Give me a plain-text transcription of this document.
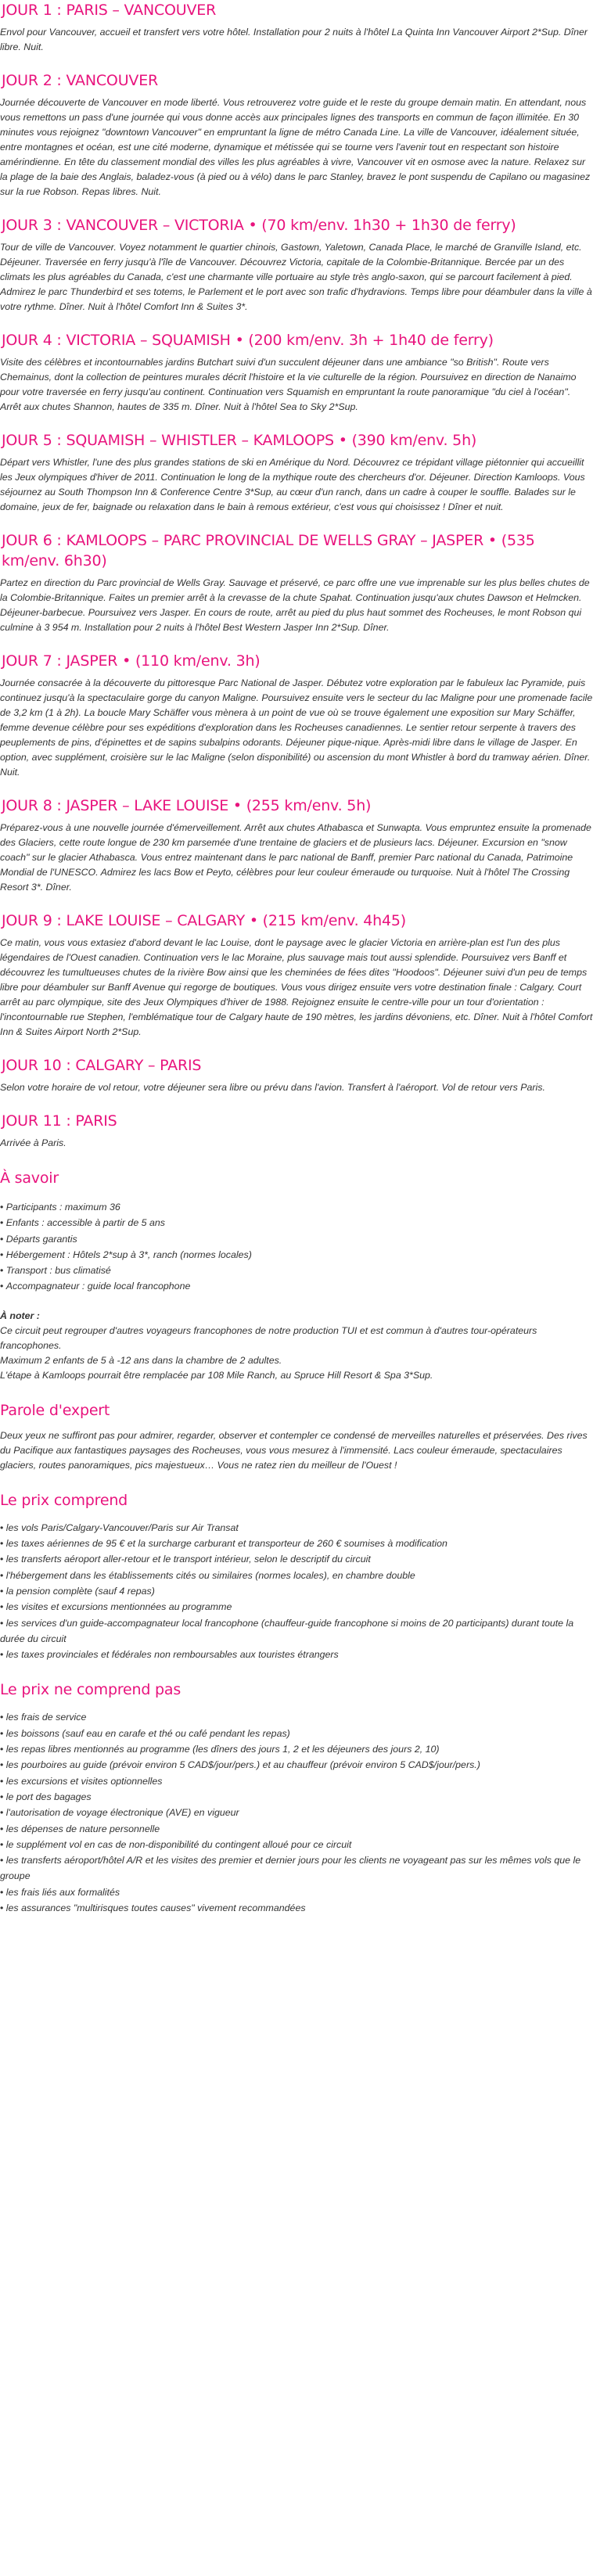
JOUR 1 : PARIS – VANCOUVER

Envol pour Vancouver, accueil et transfert vers votre hôtel. Installation pour 2 nuits à l'hôtel La Quinta Inn Vancouver Airport 2*Sup. Dîner libre. Nuit.

JOUR 2 : VANCOUVER

Journée découverte de Vancouver en mode liberté. Vous retrouverez votre guide et le reste du groupe demain matin. En attendant, nous vous remettons un pass d'une journée qui vous donne accès aux principales lignes des transports en commun de façon illimitée. En 30 minutes vous rejoignez "downtown Vancouver" en empruntant la ligne de métro Canada Line. La ville de Vancouver, idéalement située, entre montagnes et océan, est une cité moderne, dynamique et métissée qui se tourne vers l'avenir tout en respectant son histoire amérindienne. En tête du classement mondial des villes les plus agréables à vivre, Vancouver vit en osmose avec la nature. Relaxez sur la plage de la baie des Anglais, baladez-vous (à pied ou à vélo) dans le parc Stanley, bravez le pont suspendu de Capilano ou magasinez sur la rue Robson. Repas libres. Nuit.

JOUR 3 : VANCOUVER – VICTORIA • (70 km/env. 1h30 + 1h30 de ferry)

Tour de ville de Vancouver. Voyez notamment le quartier chinois, Gastown, Yaletown, Canada Place, le marché de Granville Island, etc. Déjeuner. Traversée en ferry jusqu'à l'île de Vancouver. Découvrez Victoria, capitale de la Colombie-Britannique. Bercée par un des climats les plus agréables du Canada, c'est une charmante ville portuaire au style très anglo-saxon, qui se parcourt facilement à pied. Admirez le parc Thunderbird et ses totems, le Parlement et le port avec son trafic d'hydravions. Temps libre pour déambuler dans la ville à votre rythme. Dîner. Nuit à l'hôtel Comfort Inn & Suites 3*.

JOUR 4 : VICTORIA – SQUAMISH • (200 km/env. 3h + 1h40 de ferry)

Visite des célèbres et incontournables jardins Butchart suivi d'un succulent déjeuner dans une ambiance "so British". Route vers Chemainus, dont la collection de peintures murales décrit l'histoire et la vie culturelle de la région. Poursuivez en direction de Nanaimo pour votre traversée en ferry jusqu'au continent. Continuation vers Squamish en empruntant la route panoramique "du ciel à l'océan". Arrêt aux chutes Shannon, hautes de 335 m. Dîner. Nuit à l'hôtel Sea to Sky 2*Sup.

JOUR 5 : SQUAMISH – WHISTLER – KAMLOOPS • (390 km/env. 5h)

Départ vers Whistler, l'une des plus grandes stations de ski en Amérique du Nord. Découvrez ce trépidant village piétonnier qui accueillit les Jeux olympiques d'hiver de 2011. Continuation le long de la mythique route des chercheurs d'or. Déjeuner. Direction Kamloops. Vous séjournez au South Thompson Inn & Conference Centre 3*Sup, au cœur d'un ranch, dans un cadre à couper le souffle. Balades sur le domaine, jeux de fer, baignade ou relaxation dans le bain à remous extérieur, c'est vous qui choisissez ! Dîner et nuit.

JOUR 6 : KAMLOOPS – PARC PROVINCIAL DE WELLS GRAY – JASPER • (535 km/env. 6h30)

Partez en direction du Parc provincial de Wells Gray. Sauvage et préservé, ce parc offre une vue imprenable sur les plus belles chutes de la Colombie-Britannique. Faites un premier arrêt à la crevasse de la chute Spahat. Continuation jusqu'aux chutes Dawson et Helmcken. Déjeuner-barbecue. Poursuivez vers Jasper. En cours de route, arrêt au pied du plus haut sommet des Rocheuses, le mont Robson qui culmine à 3 954 m. Installation pour 2 nuits à l'hôtel Best Western Jasper Inn 2*Sup. Dîner.

JOUR 7 : JASPER • (110 km/env. 3h)

Journée consacrée à la découverte du pittoresque Parc National de Jasper. Débutez votre exploration par le fabuleux lac Pyramide, puis continuez jusqu'à la spectaculaire gorge du canyon Maligne. Poursuivez ensuite vers le secteur du lac Maligne pour une promenade facile de 3,2 km (1 à 2h). La boucle Mary Schäffer vous mènera à un point de vue où se trouve également une exposition sur Mary Schäffer, femme devenue célèbre pour ses expéditions d'exploration dans les Rocheuses canadiennes. Le sentier retour serpente à travers des peuplements de pins, d'épinettes et de sapins subalpins odorants. Déjeuner pique-nique. Après-midi libre dans le village de Jasper. En option, avec supplément, croisière sur le lac Maligne (selon disponibilité) ou ascension du mont Whistler à bord du tramway aérien. Dîner. Nuit.

JOUR 8 : JASPER – LAKE LOUISE • (255 km/env. 5h)

Préparez-vous à une nouvelle journée d'émerveillement. Arrêt aux chutes Athabasca et Sunwapta. Vous empruntez ensuite la promenade des Glaciers, cette route longue de 230 km parsemée d'une trentaine de glaciers et de plusieurs lacs. Déjeuner. Excursion en "snow coach" sur le glacier Athabasca. Vous entrez maintenant dans le parc national de Banff, premier Parc national du Canada, Patrimoine Mondial de l'UNESCO. Admirez les lacs Bow et Peyto, célèbres pour leur couleur émeraude ou turquoise. Nuit à l'hôtel The Crossing Resort 3*. Dîner.

JOUR 9 : LAKE LOUISE – CALGARY • (215 km/env. 4h45)

Ce matin, vous vous extasiez d'abord devant le lac Louise, dont le paysage avec le glacier Victoria en arrière-plan est l'un des plus légendaires de l'Ouest canadien. Continuation vers le lac Moraine, plus sauvage mais tout aussi splendide. Poursuivez vers Banff et découvrez les tumultueuses chutes de la rivière Bow ainsi que les cheminées de fées dites "Hoodoos". Déjeuner suivi d'un peu de temps libre pour déambuler sur Banff Avenue qui regorge de boutiques. Vous vous dirigez ensuite vers votre destination finale : Calgary. Court arrêt au parc olympique, site des Jeux Olympiques d'hiver de 1988. Rejoignez ensuite le centre-ville pour un tour d'orientation : l'incontournable rue Stephen, l'emblématique tour de Calgary haute de 190 mètres, les jardins dévoniens, etc. Dîner. Nuit à l'hôtel Comfort Inn & Suites Airport North 2*Sup.

JOUR 10 : CALGARY – PARIS

Selon votre horaire de vol retour, votre déjeuner sera libre ou prévu dans l'avion. Transfert à l'aéroport. Vol de retour vers Paris.

JOUR 11 : PARIS

Arrivée à Paris.

À savoir
• Participants : maximum 36
• Enfants : accessible à partir de 5 ans
• Départs garantis
• Hébergement : Hôtels 2*sup à 3*, ranch (normes locales)
• Transport : bus climatisé
• Accompagnateur : guide local francophone

À noter :

Ce circuit peut regrouper d'autres voyageurs francophones de notre production TUI et est commun à d'autres tour-opérateurs francophones.

Maximum 2 enfants de 5 à -12 ans dans la chambre de 2 adultes.

L'étape à Kamloops pourrait être remplacée par 108 Mile Ranch, au Spruce Hill Resort & Spa 3*Sup.

Parole d'expert

Deux yeux ne suffiront pas pour admirer, regarder, observer et contempler ce condensé de merveilles naturelles et préservées. Des rives du Pacifique aux fantastiques paysages des Rocheuses, vous vous mesurez à l'immensité. Lacs couleur émeraude, spectaculaires glaciers, routes panoramiques, pics majestueux… Vous ne ratez rien du meilleur de l'Ouest !

Le prix comprend
• les vols Paris/Calgary-Vancouver/Paris sur Air Transat
• les taxes aériennes de 95 € et la surcharge carburant et transporteur de 260 € soumises à modification
• les transferts aéroport aller-retour et le transport intérieur, selon le descriptif du circuit
• l'hébergement dans les établissements cités ou similaires (normes locales), en chambre double
• la pension complète (sauf 4 repas)
• les visites et excursions mentionnées au programme
• les services d'un guide-accompagnateur local francophone (chauffeur-guide francophone si moins de 20 participants) durant toute la durée du circuit
• les taxes provinciales et fédérales non remboursables aux touristes étrangers
Le prix ne comprend pas
• les frais de service
• les boissons (sauf eau en carafe et thé ou café pendant les repas)
• les repas libres mentionnés au programme (les dîners des jours 1, 2 et les déjeuners des jours 2, 10)
• les pourboires au guide (prévoir environ 5 CAD$/jour/pers.) et au chauffeur (prévoir environ 5 CAD$/jour/pers.)
• les excursions et visites optionnelles
• le port des bagages
• l'autorisation de voyage électronique (AVE) en vigueur
• les dépenses de nature personnelle
• le supplément vol en cas de non-disponibilité du contingent alloué pour ce circuit
• les transferts aéroport/hôtel A/R et les visites des premier et dernier jours pour les clients ne voyageant pas sur les mêmes vols que le groupe
• les frais liés aux formalités
• les assurances "multirisques toutes causes" vivement recommandées
